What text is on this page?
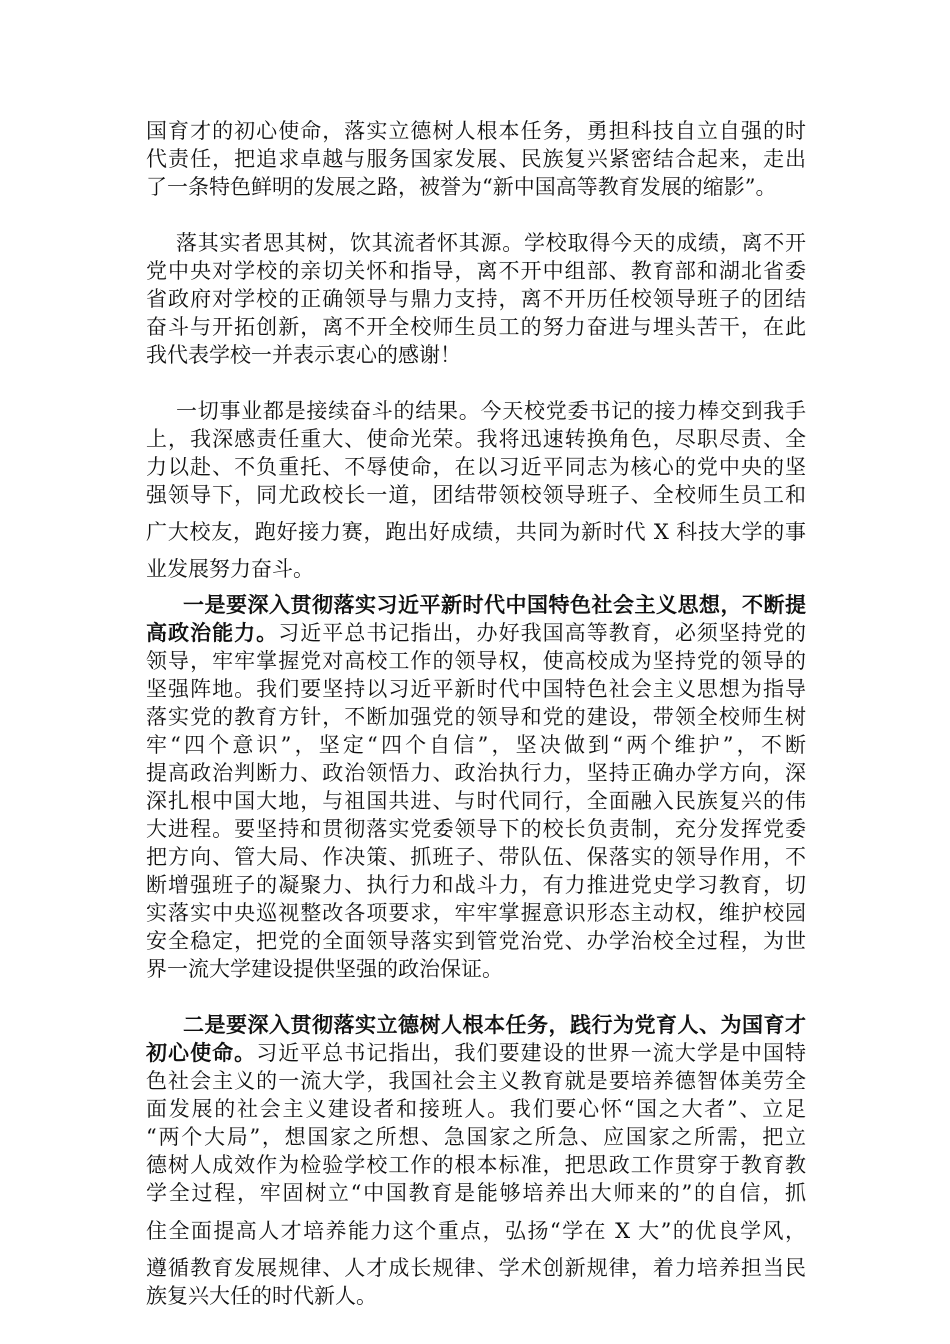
国育才的初心使命，落实立德树人根本任务，勇担科技自立自强的时
代责任，把追求卓越与服务国家发展、民族复兴紧密结合起来，走出
了一条特色鲜明的发展之路，被誉为“新中国高等教育发展的缩影”。
落其实者思其树，饮其流者怀其源。学校取得今天的成绩，离不开
党中央对学校的亲切关怀和指导，离不开中组部、教育部和湖北省委
省政府对学校的正确领导与鼎力支持，离不开历任校领导班子的团结
奋斗与开拓创新，离不开全校师生员工的努力奋进与埋头苦干，在此
我代表学校一并表示衷心的感谢！
一切事业都是接续奋斗的结果。今天校党委书记的接力棒交到我手
上，我深感责任重大、使命光荣。我将迅速转换角色，尽职尽责、全
力以赴、不负重托、不辱使命，在以习近平同志为核心的党中央的坚
强领导下，同尤政校长一道，团结带领校领导班子、全校师生员工和
广大校友，跑好接力赛，跑出好成绩，共同为新时代 X 科技大学的事
业发展努力奋斗。
一是要深入贯彻落实习近平新时代中国特色社会主义思想，不断提
高政治能力。习近平总书记指出，办好我国高等教育，必须坚持党的
领导，牢牢掌握党对高校工作的领导权，使高校成为坚持党的领导的
坚强阵地。我们要坚持以习近平新时代中国特色社会主义思想为指导
落实党的教育方针，不断加强党的领导和党的建设，带领全校师生树
牢“四个意识”，坚定“四个自信”，坚决做到“两个维护”，不断
提高政治判断力、政治领悟力、政治执行力，坚持正确办学方向，深
深扎根中国大地，与祖国共进、与时代同行，全面融入民族复兴的伟
大进程。要坚持和贯彻落实党委领导下的校长负责制，充分发挥党委
把方向、管大局、作决策、抓班子、带队伍、保落实的领导作用，不
断增强班子的凝聚力、执行力和战斗力，有力推进党史学习教育，切
实落实中央巡视整改各项要求，牢牢掌握意识形态主动权，维护校园
安全稳定，把党的全面领导落实到管党治党、办学治校全过程，为世
界一流大学建设提供坚强的政治保证。
二是要深入贯彻落实立德树人根本任务，践行为党育人、为国育才
初心使命。习近平总书记指出，我们要建设的世界一流大学是中国特
色社会主义的一流大学，我国社会主义教育就是要培养德智体美劳全
面发展的社会主义建设者和接班人。我们要心怀“国之大者”、立足
“两个大局”，想国家之所想、急国家之所急、应国家之所需，把立
德树人成效作为检验学校工作的根本标准，把思政工作贯穿于教育教
学全过程，牢固树立“中国教育是能够培养出大师来的”的自信，抓
住全面提高人才培养能力这个重点，弘扬“学在 X 大”的优良学风，
遵循教育发展规律、人才成长规律、学术创新规律，着力培养担当民
族复兴大任的时代新人。
